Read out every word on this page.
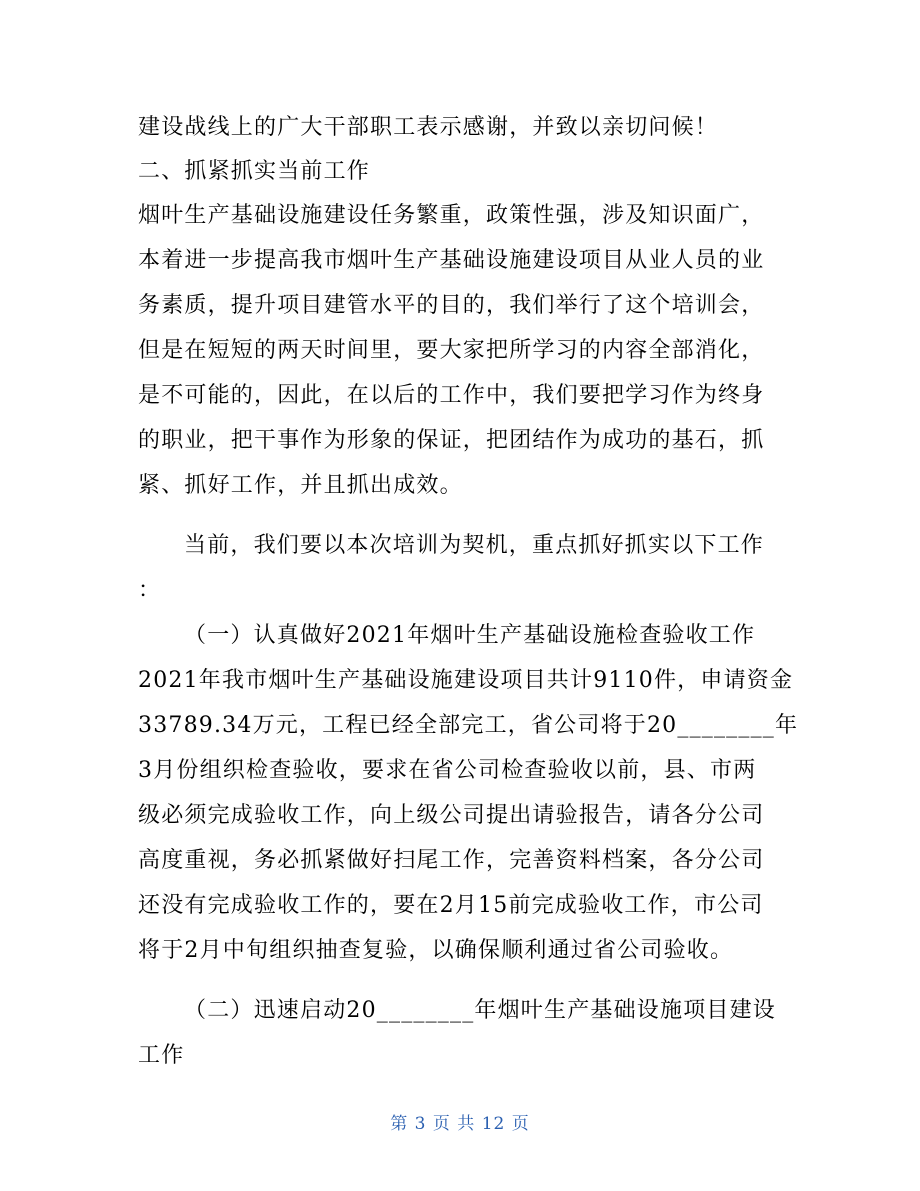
建设战线上的广大干部职工表示感谢，并致以亲切问候！
二、抓紧抓实当前工作
烟叶生产基础设施建设任务繁重，政策性强，涉及知识面广，
本着进一步提高我市烟叶生产基础设施建设项目从业人员的业
务素质，提升项目建管水平的目的，我们举行了这个培训会，
但是在短短的两天时间里，要大家把所学习的内容全部消化，
是不可能的，因此，在以后的工作中，我们要把学习作为终身
的职业，把干事作为形象的保证，把团结作为成功的基石，抓
紧、抓好工作，并且抓出成效。
当前，我们要以本次培训为契机，重点抓好抓实以下工作
：
（一）认真做好2021年烟叶生产基础设施检查验收工作
2021年我市烟叶生产基础设施建设项目共计9110件，申请资金
33789.34万元，工程已经全部完工，省公司将于20________年
3月份组织检查验收，要求在省公司检查验收以前，县、市两
级必须完成验收工作，向上级公司提出请验报告，请各分公司
高度重视，务必抓紧做好扫尾工作，完善资料档案，各分公司
还没有完成验收工作的，要在2月15前完成验收工作，市公司
将于2月中旬组织抽查复验，以确保顺利通过省公司验收。
（二）迅速启动20________年烟叶生产基础设施项目建设
工作
第 3 页 共 12 页
